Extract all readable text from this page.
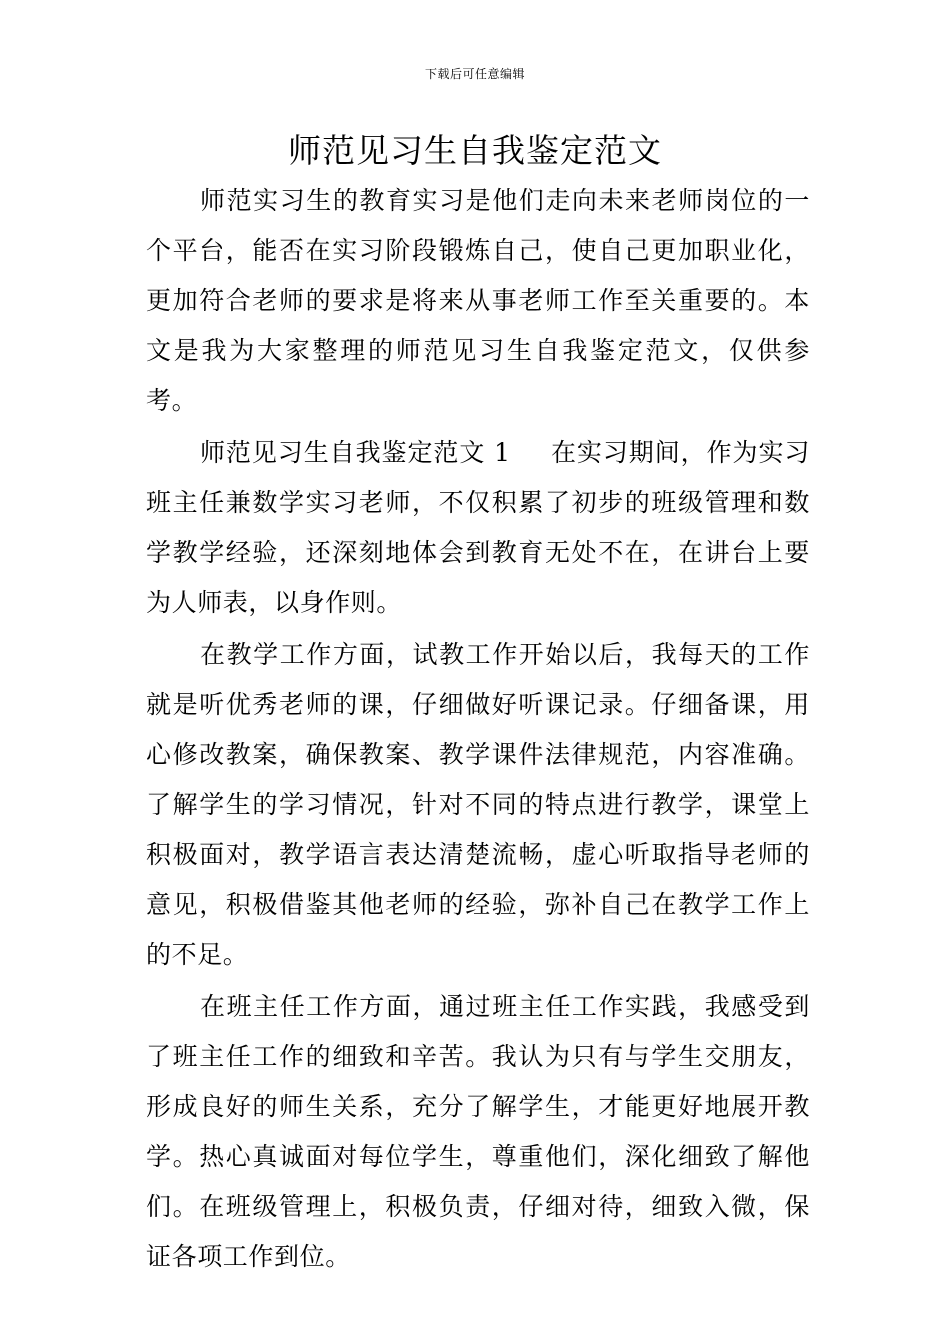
下载后可任意编辑
师范见习生自我鉴定范文

师范实习生的教育实习是他们走向未来老师岗位的一个平台，能否在实习阶段锻炼自己，使自己更加职业化，更加符合老师的要求是将来从事老师工作至关重要的。本文是我为大家整理的师范见习生自我鉴定范文，仅供参考。

师范见习生自我鉴定范文 1 在实习期间，作为实习班主任兼数学实习老师，不仅积累了初步的班级管理和数学教学经验，还深刻地体会到教育无处不在，在讲台上要为人师表，以身作则。

在教学工作方面，试教工作开始以后，我每天的工作就是听优秀老师的课，仔细做好听课记录。仔细备课，用心修改教案，确保教案、教学课件法律规范，内容准确。了解学生的学习情况，针对不同的特点进行教学，课堂上积极面对，教学语言表达清楚流畅，虚心听取指导老师的意见，积极借鉴其他老师的经验，弥补自己在教学工作上的不足。

在班主任工作方面，通过班主任工作实践，我感受到了班主任工作的细致和辛苦。我认为只有与学生交朋友，形成良好的师生关系，充分了解学生，才能更好地展开教学。热心真诚面对每位学生，尊重他们，深化细致了解他们。在班级管理上，积极负责，仔细对待，细致入微，保证各项工作到位。
